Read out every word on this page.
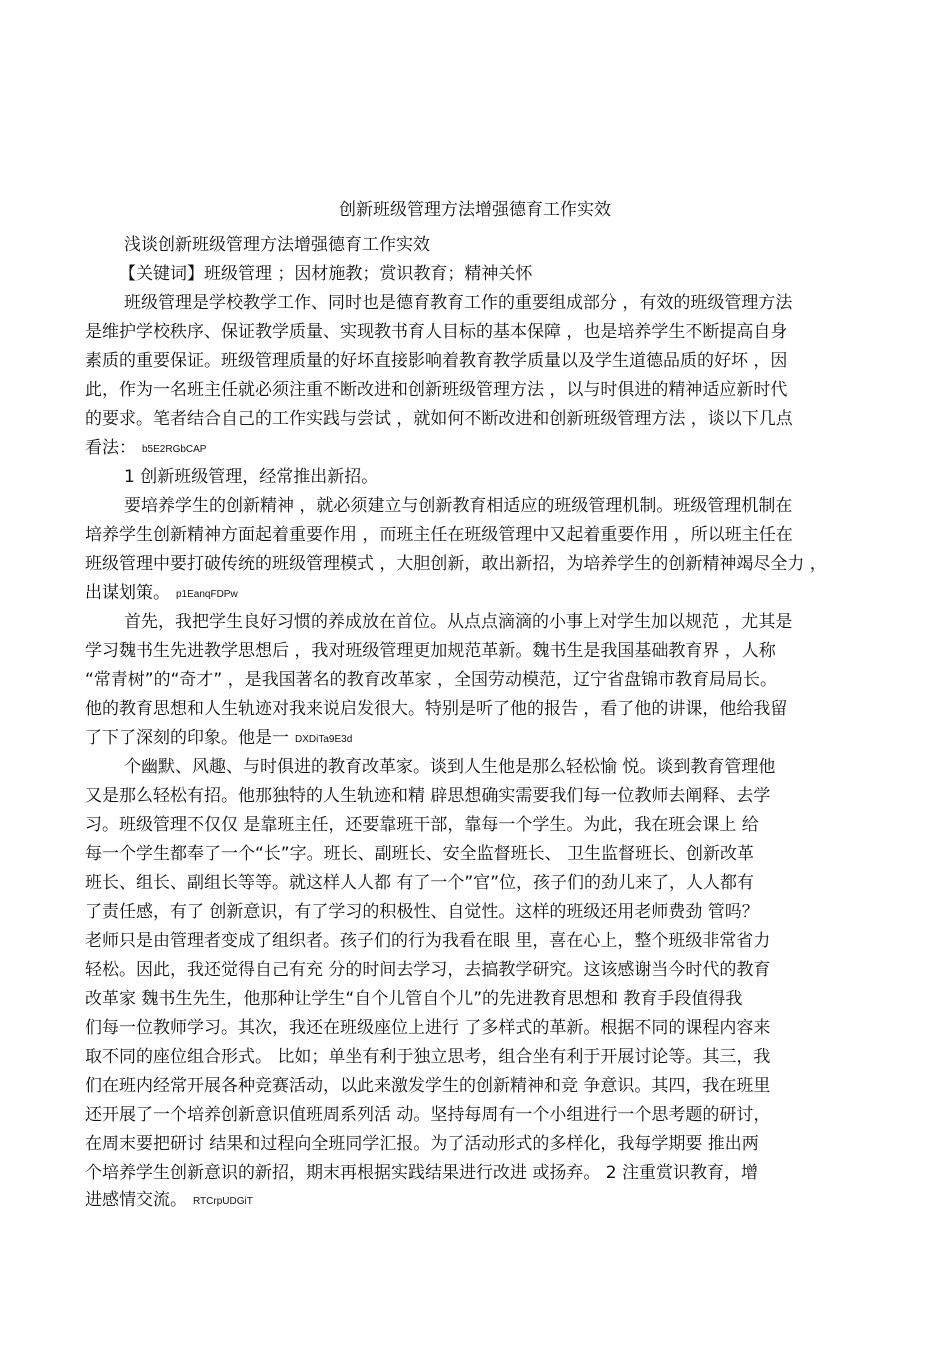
创新班级管理方法增强德育工作实效
浅谈创新班级管理方法增强德育工作实效
【关键词】班级管理 ；因材施教；赏识教育；精神关怀
班级管理是学校教学工作、同时也是德育教育工作的重要组成部分 ，有效的班级管理方法
是维护学校秩序、保证教学质量、实现教书育人目标的基本保障 ，也是培养学生不断提高自身
素质的重要保证。班级管理质量的好坏直接影响着教育教学质量以及学生道德品质的好坏 ，因
此，作为一名班主任就必须注重不断改进和创新班级管理方法 ，以与时俱进的精神适应新时代
的要求。笔者结合自己的工作实践与尝试 ，就如何不断改进和创新班级管理方法 ，谈以下几点
看法： b5E2RGbCAP
1 创新班级管理，经常推出新招。
要培养学生的创新精神 ，就必须建立与创新教育相适应的班级管理机制。班级管理机制在
培养学生创新精神方面起着重要作用 ，而班主任在班级管理中又起着重要作用 ，所以班主任在
班级管理中要打破传统的班级管理模式 ，大胆创新，敢出新招，为培养学生的创新精神竭尽全力 ，
出谋划策。 p1EanqFDPw
首先，我把学生良好习惯的养成放在首位。从点点滴滴的小事上对学生加以规范 ，尤其是
学习魏书生先进教学思想后 ，我对班级管理更加规范革新。魏书生是我国基础教育界 ，人称
“常青树”的“奇才” ，是我国著名的教育改革家 ，全国劳动模范，辽宁省盘锦市教育局局长。
他的教育思想和人生轨迹对我来说启发很大。特别是听了他的报告 ，看了他的讲课，他给我留
了下了深刻的印象。他是一 DXDiTa9E3d
个幽默、风趣、与时俱进的教育改革家。谈到人生他是那么轻松愉 悦。谈到教育管理他
又是那么轻松有招。他那独特的人生轨迹和精 辟思想确实需要我们每一位教师去阐释、去学
习。班级管理不仅仅 是靠班主任，还要靠班干部，靠每一个学生。为此，我在班会课上 给
每一个学生都奉了一个“长”字。班长、副班长、安全监督班长、 卫生监督班长、创新改革
班长、组长、副组长等等。就这样人人都 有了一个”官”位，孩子们的劲儿来了，人人都有
了责任感，有了 创新意识，有了学习的积极性、自觉性。这样的班级还用老师费劲 管吗？
老师只是由管理者变成了组织者。孩子们的行为我看在眼 里，喜在心上，整个班级非常省力
轻松。因此，我还觉得自己有充 分的时间去学习，去搞教学研究。这该感谢当今时代的教育
改革家 魏书生先生，他那种让学生“自个儿管自个儿”的先进教育思想和 教育手段值得我
们每一位教师学习。其次，我还在班级座位上进行 了多样式的革新。根据不同的课程内容来
取不同的座位组合形式。 比如；单坐有利于独立思考，组合坐有利于开展讨论等。其三，我
们在班内经常开展各种竞赛活动，以此来激发学生的创新精神和竞 争意识。其四，我在班里
还开展了一个培养创新意识值班周系列活 动。坚持每周有一个小组进行一个思考题的研讨，
在周末要把研讨 结果和过程向全班同学汇报。为了活动形式的多样化，我每学期要 推出两
个培养学生创新意识的新招，期末再根据实践结果进行改进 或扬弃。 2 注重赏识教育，增
进感情交流。 RTCrpUDGiT
